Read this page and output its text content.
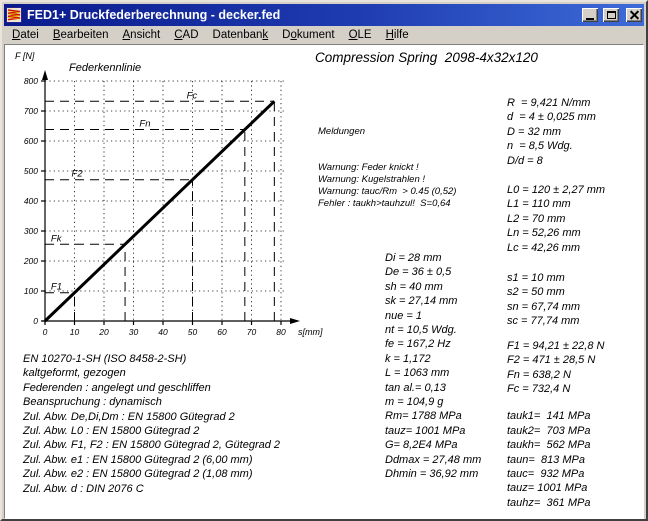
FED1+ Druckfederberechnung - decker.fed
Datei	Bearbeiten	Ansicht	CAD	Datenbank	Dokument	OLE	Hilfe
F1
Fk
F2
Fn
Fc
0	10 20 30 40 50 60 70 80
0
100
200
300
400
500
600
700
800
Federkennlinie
F [N]
s[mm]
Compression Spring  2098-4x32x120

Meldungen

Warnung: Feder knickt !
Warnung: Kugelstrahlen !
Warnung: tauc/Rm  > 0.45 (0,52)
Fehler : taukh>tauhzul!  S=0,64
Di = 28 mm
De = 36 ± 0,5
sh = 40 mm
sk = 27,14 mm
nue = 1
nt = 10,5 Wdg.
fe = 167,2 Hz
k = 1,172
L = 1063 mm
tan al.= 0,13
m = 104,9 g
Rm= 1788 MPa
tauz= 1001 MPa
G= 8,2E4 MPa
Ddmax = 27,48 mm
Dhmin = 36,92 mm
R  = 9,421 N/mm
d  = 4 ± 0,025 mm
D = 32 mm
n  = 8,5 Wdg.
D/d = 8
L0 = 120 ± 2,27 mm
L1 = 110 mm
L2 = 70 mm
Ln = 52,26 mm
Lc = 42,26 mm
s1 = 10 mm
s2 = 50 mm
sn = 67,74 mm
sc = 77,74 mm
F1 = 94,21 ± 22,8 N
F2 = 471 ± 28,5 N
Fn = 638,2 N
Fc = 732,4 N
tauk1=  141 MPa
tauk2=  703 MPa
taukh=  562 MPa
taun=  813 MPa
tauc=  932 MPa
tauz= 1001 MPa
tauhz=  361 MPa
EN 10270-1-SH (ISO 8458-2-SH)
kaltgeformt, gezogen
Federenden : angelegt und geschliffen
Beanspruchung : dynamisch
Zul. Abw. De,Di,Dm : EN 15800 Gütegrad 2
Zul. Abw. L0 : EN 15800 Gütegrad 2
Zul. Abw. F1, F2 : EN 15800 Gütegrad 2, Gütegrad 2
Zul. Abw. e1 : EN 15800 Gütegrad 2 (6,00 mm)
Zul. Abw. e2 : EN 15800 Gütegrad 2 (1,08 mm)
Zul. Abw. d : DIN 2076 C
